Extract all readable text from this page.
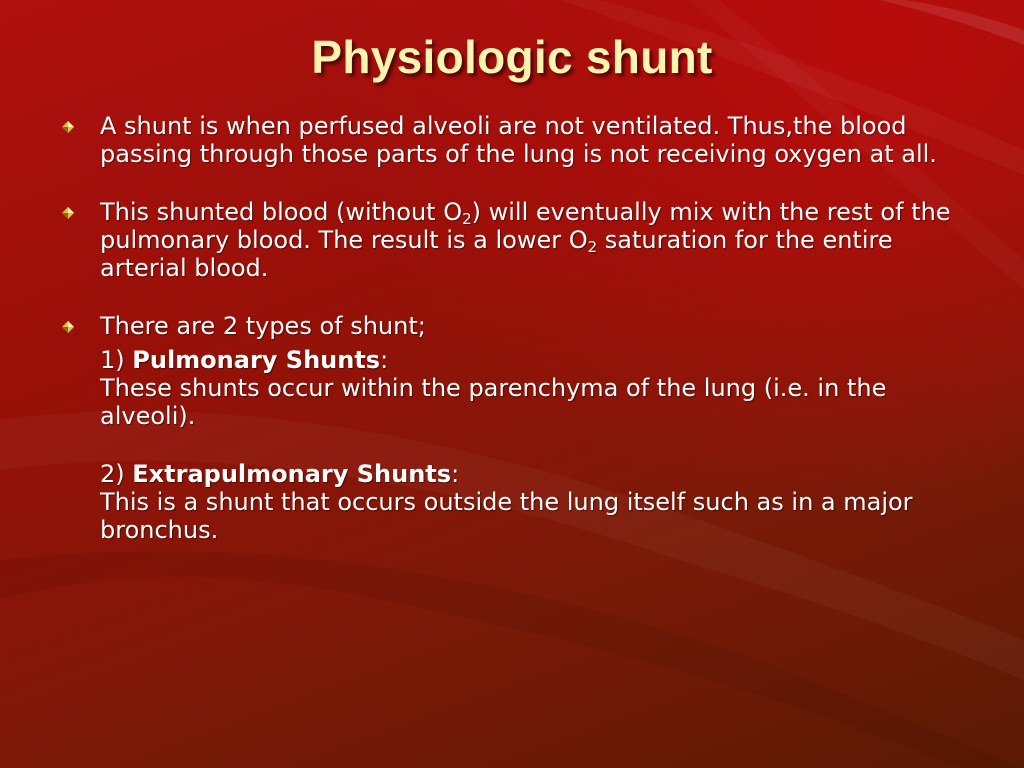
Physiologic shunt
A shunt is when perfused alveoli are not ventilated. Thus,the blood passing through those parts of the lung is not receiving oxygen at all.
This shunted blood (without $O_2$) will eventually mix with the rest of the pulmonary blood. The result is a lower $O_2$ saturation for the entire arterial blood.
There are 2 types of shunt;
1) Pulmonary Shunts:
These shunts occur within the parenchyma of the lung (i.e. in the alveoli).
2) Extrapulmonary Shunts:
This is a shunt that occurs outside the lung itself such as in a major bronchus.
